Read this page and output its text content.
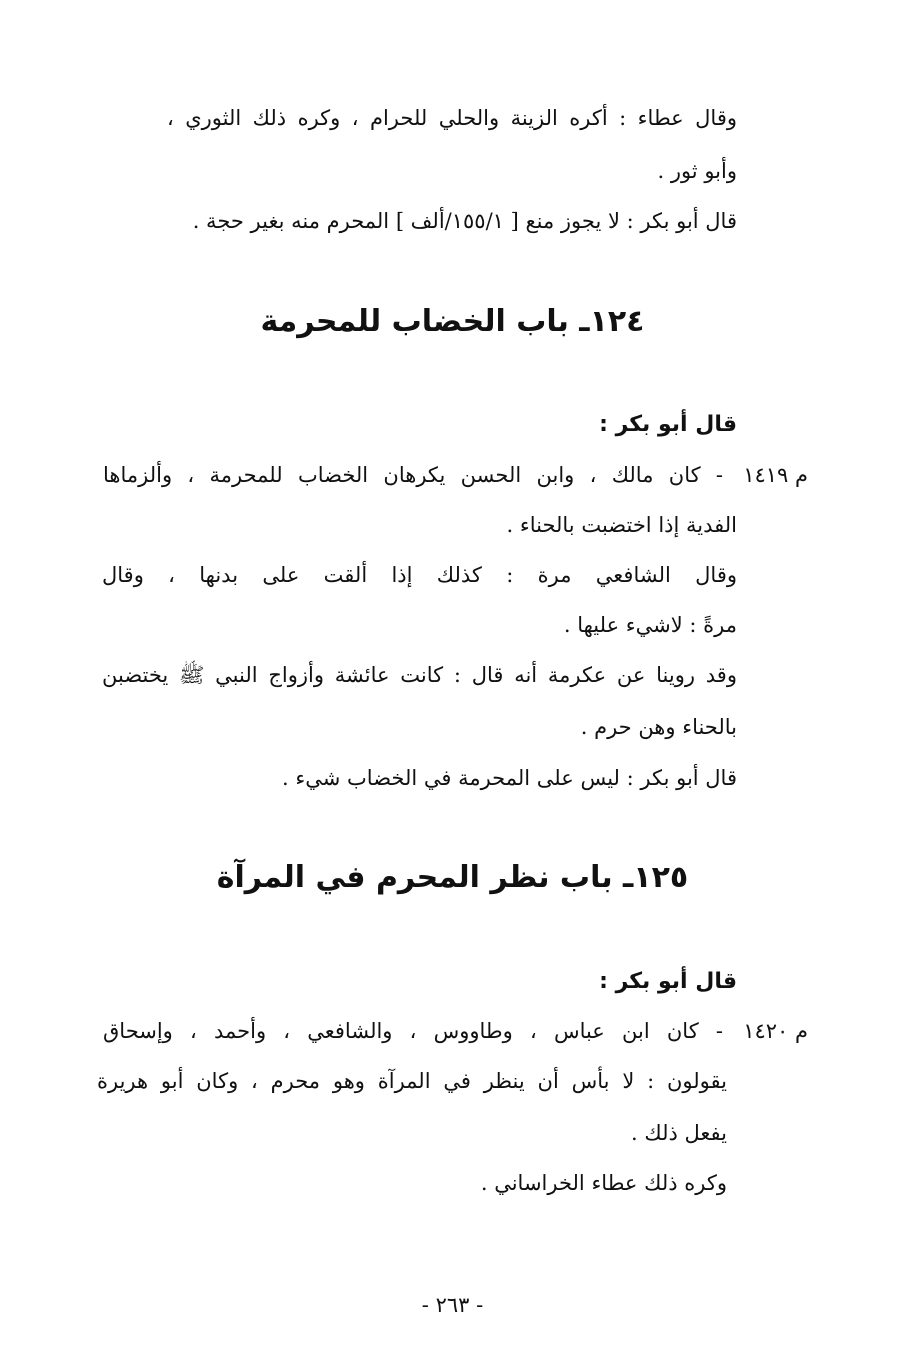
وقال عطاء : أكره الزينة والحلي للحرام ، وكره ذلك الثوري ،
وأبو ثور .
قال أبو بكر : لا يجوز منع [ ١٥٥/١/ألف ] المحرم منه بغير حجة .
١٢٤ـ باب الخضاب للمحرمة
قال أبو بكر :
م ١٤١٩
- كان مالك ، وابن الحسن يكرهان الخضاب للمحرمة ، وألزماها
الفدية إذا اختضبت بالحناء .
وقال الشافعي مرة : كذلك إذا ألقت على بدنها ، وقال
مرةً : لاشيء عليها .
وقد روينا عن عكرمة أنه قال : كانت عائشة وأزواج النبي ﷺ يختضبن
بالحناء وهن حرم .
قال أبو بكر : ليس على المحرمة في الخضاب شيء .
١٢٥ـ باب نظر المحرم في المرآة
قال أبو بكر :
م ١٤٢٠
- كان ابن عباس ، وطاووس ، والشافعي ، وأحمد ، وإسحاق
يقولون : لا بأس أن ينظر في المرآة وهو محرم ، وكان أبو هريرة
يفعل ذلك .
وكره ذلك عطاء الخراساني .
- ٢٦٣ -
